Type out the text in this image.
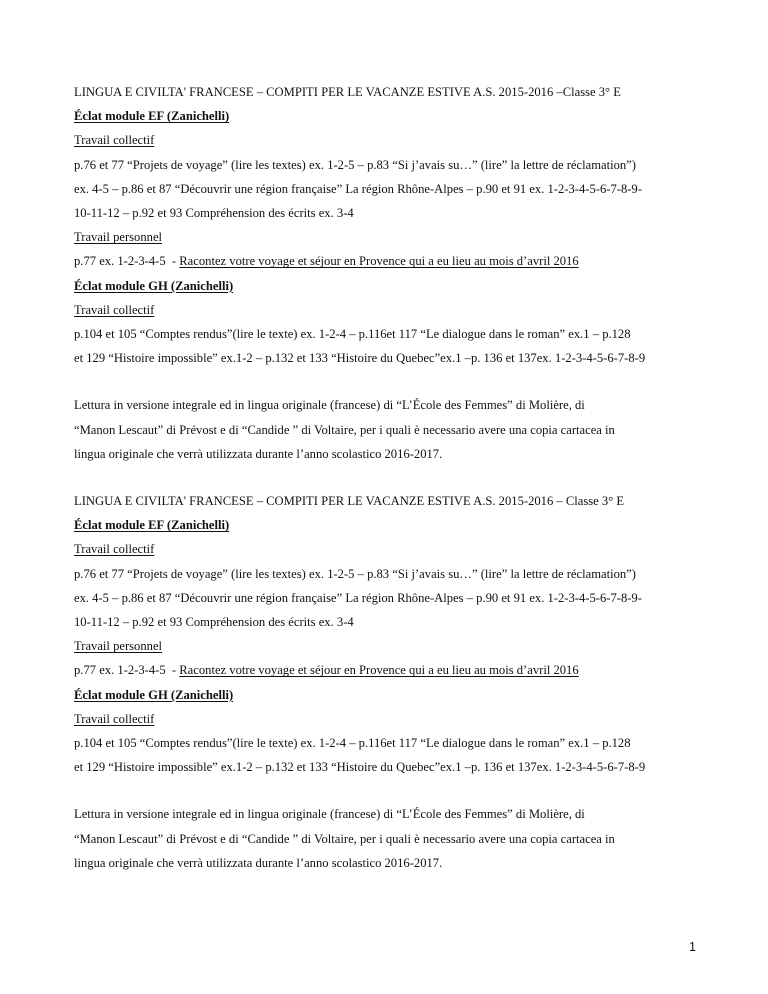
LINGUA E CIVILTA' FRANCESE – COMPITI PER LE VACANZE ESTIVE A.S. 2015-2016 –Classe 3° E
Éclat module EF (Zanichelli)
Travail collectif
p.76 et 77 “Projets de voyage” (lire les textes) ex. 1-2-5 – p.83 “Si j’avais su…” (lire” la lettre de réclamation”)
ex. 4-5 – p.86 et 87 “Découvrir une région française” La région Rhône-Alpes – p.90 et 91 ex. 1-2-3-4-5-6-7-8-9-
10-11-12 – p.92 et 93 Compréhension des écrits ex. 3-4
Travail personnel
p.77 ex. 1-2-3-4-5  - Racontez votre voyage et séjour en Provence qui a eu lieu au mois d’avril 2016
Éclat module GH (Zanichelli)
Travail collectif
p.104 et 105 “Comptes rendus”(lire le texte) ex. 1-2-4 – p.116et 117 “Le dialogue dans le roman” ex.1 – p.128
et 129 “Histoire impossible” ex.1-2 – p.132 et 133 “Histoire du Quebec”ex.1 –p. 136 et 137ex. 1-2-3-4-5-6-7-8-9
Lettura in versione integrale ed in lingua originale (francese) di “L’École des Femmes” di Molière, di
“Manon Lescaut” di Prévost e di “Candide ” di Voltaire, per i quali è necessario avere una copia cartacea in
lingua originale che verrà utilizzata durante l’anno scolastico 2016-2017.
LINGUA E CIVILTA' FRANCESE – COMPITI PER LE VACANZE ESTIVE A.S. 2015-2016 – Classe 3° E
Éclat module EF (Zanichelli)
Travail collectif
p.76 et 77 “Projets de voyage” (lire les textes) ex. 1-2-5 – p.83 “Si j’avais su…” (lire” la lettre de réclamation”)
ex. 4-5 – p.86 et 87 “Découvrir une région française” La région Rhône-Alpes – p.90 et 91 ex. 1-2-3-4-5-6-7-8-9-
10-11-12 – p.92 et 93 Compréhension des écrits ex. 3-4
Travail personnel
p.77 ex. 1-2-3-4-5  - Racontez votre voyage et séjour en Provence qui a eu lieu au mois d’avril 2016
Éclat module GH (Zanichelli)
Travail collectif
p.104 et 105 “Comptes rendus”(lire le texte) ex. 1-2-4 – p.116et 117 “Le dialogue dans le roman” ex.1 – p.128
et 129 “Histoire impossible” ex.1-2 – p.132 et 133 “Histoire du Quebec”ex.1 –p. 136 et 137ex. 1-2-3-4-5-6-7-8-9
Lettura in versione integrale ed in lingua originale (francese) di “L’École des Femmes” di Molière, di
“Manon Lescaut” di Prévost e di “Candide ” di Voltaire, per i quali è necessario avere una copia cartacea in
lingua originale che verrà utilizzata durante l’anno scolastico 2016-2017.
1
